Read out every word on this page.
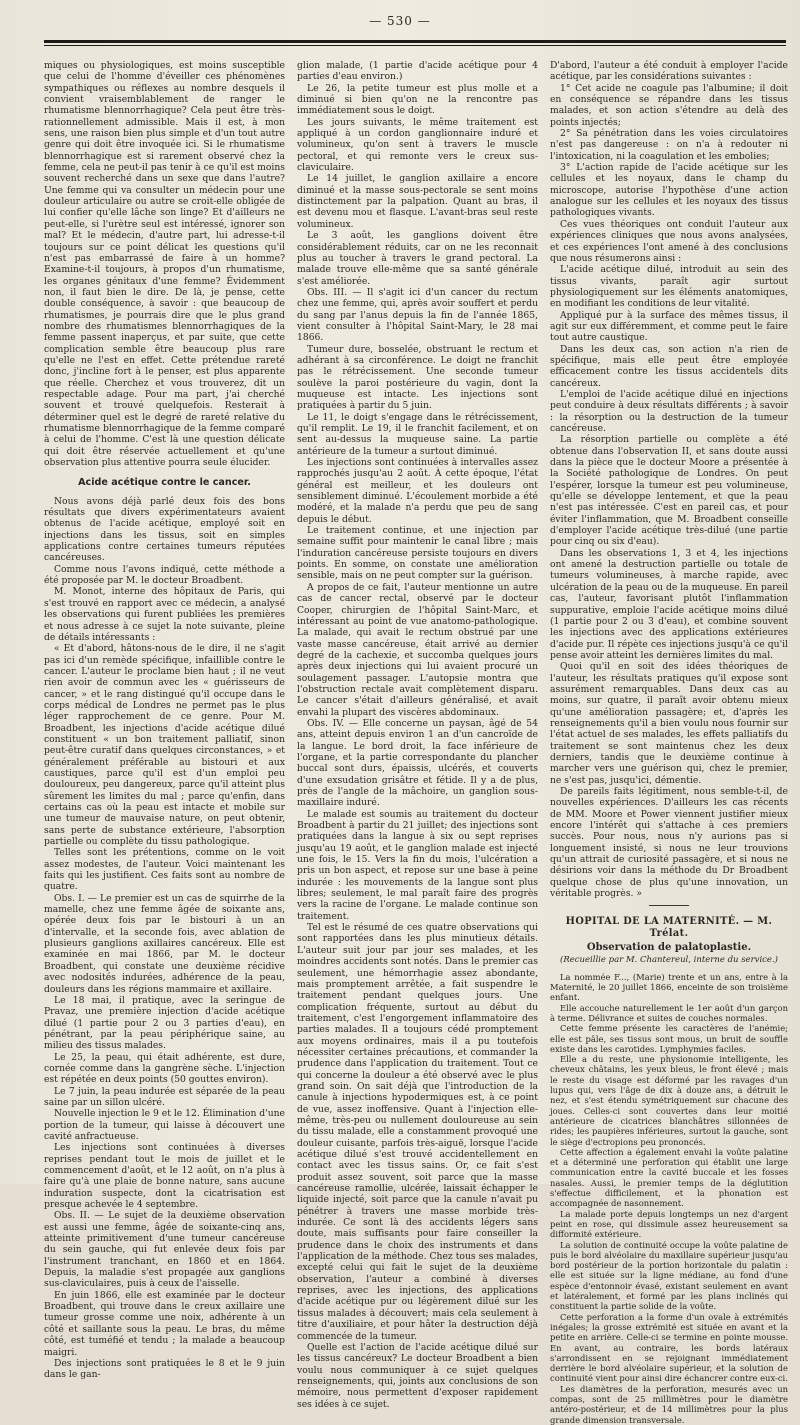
— 530 —

miques ou physiologiques, est moins susceptible que celui de l'homme d'éveiller ces phénomènes sympathiques ou réflexes au nombre desquels il convient vraisemblablement de ranger le rhumatisme blennorrhagique? Cela peut être très-rationnellement admissible. Mais il est, à mon sens, une raison bien plus simple et d'un tout autre genre qui doit être invoquée ici. Si le rhumatisme blennorrhagique est si rarement observé chez la femme, cela ne peut-il pas tenir à ce qu'il est moins souvent recherché dans un sexe que dans l'autre? Une femme qui va consulter un médecin pour une douleur articulaire ou autre se croit-elle obligée de lui confier qu'elle lâche son linge? Et d'ailleurs ne peut-elle, si l'urètre seul est intéressé, ignorer son mal? Et le médecin, d'autre part, lui adresse-t-il toujours sur ce point délicat les questions qu'il n'est pas embarrassé de faire à un homme? Examine-t-il toujours, à propos d'un rhumatisme, les organes génitaux d'une femme? Évidemment non, il faut bien le dire. De là, je pense, cette double conséquence, à savoir : que beaucoup de rhumatismes, je pourrais dire que le plus grand nombre des rhumatismes blennorrhagiques de la femme passent inaperçus, et par suite, que cette complication semble être beaucoup plus rare qu'elle ne l'est en effet. Cette prétendue rareté donc, j'incline fort à le penser, est plus apparente que réelle. Cherchez et vous trouverez, dit un respectable adage. Pour ma part, j'ai cherché souvent et trouvé quelquefois. Resterait à déterminer quel est le degré de rareté relative du rhumatisme blennorrhagique de la femme comparé à celui de l'homme. C'est là une question délicate qui doit être réservée actuellement et qu'une observation plus attentive pourra seule élucider.

Acide acétique contre le cancer.

Nous avons déjà parlé deux fois des bons résultats que divers expérimentateurs avaient obtenus de l'acide acétique, employé soit en injections dans les tissus, soit en simples applications contre certaines tumeurs réputées cancéreuses.

Comme nous l'avons indiqué, cette méthode a été proposée par M. le docteur Broadbent.

M. Monot, interne des hôpitaux de Paris, qui s'est trouvé en rapport avec ce médecin, a analysé les observations qui furent publiées les premières et nous adresse à ce sujet la note suivante, pleine de détails intéressants :

« Et d'abord, hâtons-nous de le dire, il ne s'agit pas ici d'un remède spécifique, infaillible contre le cancer. L'auteur le proclame bien haut ; il ne veut rien avoir de commun avec les « guérisseurs de cancer, » et le rang distingué qu'il occupe dans le corps médical de Londres ne permet pas le plus léger rapprochement de ce genre. Pour M. Broadbent, les injections d'acide acétique dilué constituent « un bon traitement palliatif, sinon peut-être curatif dans quelques circonstances, » et généralement préférable au bistouri et aux caustiques, parce qu'il est d'un emploi peu douloureux, peu dangereux, parce qu'il atteint plus sûrement les limites du mal ; parce qu'enfin, dans certains cas où la peau est intacte et mobile sur une tumeur de mauvaise nature, on peut obtenir, sans perte de substance extérieure, l'absorption partielle ou complète du tissu pathologique.

Telles sont les prétentions, comme on le voit assez modestes, de l'auteur. Voici maintenant les faits qui les justifient. Ces faits sont au nombre de quatre.

Obs. I. — Le premier est un cas de squirrhe de la mamelle, chez une femme âgée de soixante ans, opérée deux fois par le bistouri à un an d'intervalle, et la seconde fois, avec ablation de plusieurs ganglions axillaires cancéreux. Elle est examinée en mai 1866, par M. le docteur Broadbent, qui constate une deuxième récidive avec nodosités indurées, adhérence de la peau, douleurs dans les régions mammaire et axillaire.

Le 18 mai, il pratique, avec la seringue de Pravaz, une première injection d'acide acétique dilué (1 partie pour 2 ou 3 parties d'eau), en pénétrant, par la peau périphérique saine, au milieu des tissus malades.

Le 25, la peau, qui était adhérente, est dure, cornée comme dans la gangrène sèche. L'injection est répétée en deux points (50 gouttes environ).

Le 7 juin, la peau indurée est séparée de la peau saine par un sillon ulcéré.

Nouvelle injection le 9 et le 12. Élimination d'une portion de la tumeur, qui laisse à découvert une cavité anfractueuse.

Les injections sont continuées à diverses reprises pendant tout le mois de juillet et le commencement d'août, et le 12 août, on n'a plus à faire qu'à une plaie de bonne nature, sans aucune induration suspecte, dont la cicatrisation est presque achevée le 4 septembre.

Obs. II. — Le sujet de la deuxième observation est aussi une femme, âgée de soixante-cinq ans, atteinte primitivement d'une tumeur cancéreuse du sein gauche, qui fut enlevée deux fois par l'instrument tranchant, en 1860 et en 1864. Depuis, la maladie s'est propagée aux ganglions sus-claviculaires, puis à ceux de l'aisselle.

En juin 1866, elle est examinée par le docteur Broadbent, qui trouve dans le creux axillaire une tumeur grosse comme une noix, adhérente à un côté et saillante sous la peau. Le bras, du même côté, est tuméfié et tendu ; la malade a beaucoup maigri.

Des injections sont pratiquées le 8 et le 9 juin dans le gan-

glion malade, (1 partie d'acide acétique pour 4 parties d'eau environ.)

Le 26, la petite tumeur est plus molle et a diminué si bien qu'on ne la rencontre pas immédiatement sous le doigt.

Les jours suivants, le même traitement est appliqué à un cordon ganglionnaire induré et volumineux, qu'on sent à travers le muscle pectoral, et qui remonte vers le creux sus-claviculaire.

Le 14 juillet, le ganglion axillaire a encore diminué et la masse sous-pectorale se sent moins distinctement par la palpation. Quant au bras, il est devenu mou et flasque. L'avant-bras seul reste volumineux.

Le 3 août, les ganglions doivent être considérablement réduits, car on ne les reconnait plus au toucher à travers le grand pectoral. La malade trouve elle-même que sa santé générale s'est améliorée.

Obs. III. — Il s'agit ici d'un cancer du rectum chez une femme, qui, après avoir souffert et perdu du sang par l'anus depuis la fin de l'année 1865, vient consulter à l'hôpital Saint-Mary, le 28 mai 1866.

Tumeur dure, bosselée, obstruant le rectum et adhérant à sa circonférence. Le doigt ne franchit pas le rétrécissement. Une seconde tumeur soulève la paroi postérieure du vagin, dont la muqueuse est intacte. Les injections sont pratiquées à partir du 5 juin.

Le 11, le doigt s'engage dans le rétrécissement, qu'il remplit. Le 19, il le franchit facilement, et on sent au-dessus la muqueuse saine. La partie antérieure de la tumeur a surtout diminué.

Les injections sont continuées à intervalles assez rapprochés jusqu'au 2 août. À cette époque, l'état général est meilleur, et les douleurs ont sensiblement diminué. L'écoulement morbide a été modéré, et la malade n'a perdu que peu de sang depuis le début.

Le traitement continue, et une injection par semaine suffit pour maintenir le canal libre ; mais l'induration cancéreuse persiste toujours en divers points. En somme, on constate une amélioration sensible, mais on ne peut compter sur la guérison.

A propos de ce fait, l'auteur mentionne un autre cas de cancer rectal, observé par le docteur Cooper, chirurgien de l'hôpital Saint-Marc, et intéressant au point de vue anatomo-pathologique. La malade, qui avait le rectum obstrué par une vaste masse cancéreuse, était arrivé au dernier degré de la cachexie, et succomba quelques jours après deux injections qui lui avaient procuré un soulagement passager. L'autopsie montra que l'obstruction rectale avait complètement disparu. Le cancer s'était d'ailleurs généralisé, et avait envahi la plupart des viscères abdominaux.

Obs. IV. — Elle concerne un paysan, âgé de 54 ans, atteint depuis environ 1 an d'un cancroïde de la langue. Le bord droit, la face inférieure de l'organe, et la partie correspondante du plancher buccal sont durs, épaissis, ulcérés, et couverts d'une exsudation grisâtre et fétide. Il y a de plus, près de l'angle de la mâchoire, un ganglion sous-maxillaire induré.

Le malade est soumis au traitement du docteur Broadbent à partir du 21 juillet; des injections sont pratiquées dans la langue à six ou sept reprises jusqu'au 19 août, et le ganglion malade est injecté une fois, le 15. Vers la fin du mois, l'ulcération a pris un bon aspect, et repose sur une base à peine indurée : les mouvements de la langue sont plus libres; seulement, le mal paraît faire des progrès vers la racine de l'organe. Le malade continue son traitement.

Tel est le résumé de ces quatre observations qui sont rapportées dans les plus minutieux détails. L'auteur suit jour par jour ses malades, et les moindres accidents sont notés. Dans le premier cas seulement, une hémorrhagie assez abondante, mais promptement arrêtée, a fait suspendre le traitement pendant quelques jours. Une complication fréquente, surtout au début du traitement, c'est l'engorgement inflammatoire des parties malades. Il a toujours cédé promptement aux moyens ordinaires, mais il a pu toutefois nécessiter certaines précautions, et commander la prudence dans l'application du traitement. Tout ce qui concerne la douleur a été observé avec le plus grand soin. On sait déjà que l'introduction de la canule à injections hypodermiques est, à ce point de vue, assez inoffensive. Quant à l'injection elle-même, très-peu ou nullement douloureuse au sein du tissu malade, elle a constamment provoqué une douleur cuisante, parfois très-aiguë, lorsque l'acide acétique dilué s'est trouvé accidentellement en contact avec les tissus sains. Or, ce fait s'est produit assez souvent, soit parce que la masse cancéreuse ramollie, ulcérée, laissait échapper le liquide injecté, soit parce que la canule n'avait pu pénétrer à travers une masse morbide très-indurée. Ce sont là des accidents légers sans doute, mais suffisants pour faire conseiller la prudence dans le choix des instruments et dans l'application de la méthode. Chez tous ses malades, excepté celui qui fait le sujet de la deuxième observation, l'auteur a combiné à diverses reprises, avec les injections, des applications d'acide acétique pur ou légèrement dilué sur les tissus malades à découvert; mais cela seulement à titre d'auxiliaire, et pour hâter la destruction déjà commencée de la tumeur.

Quelle est l'action de l'acide acétique dilué sur les tissus cancéreux? Le docteur Broadbent a bien voulu nous communiquer à ce sujet quelques renseignements, qui, joints aux conclusions de son mémoire, nous permettent d'exposer rapidement ses idées à ce sujet.

D'abord, l'auteur a été conduit à employer l'acide acétique, par les considérations suivantes :

1° Cet acide ne coagule pas l'albumine; il doit en conséquence se répandre dans les tissus malades, et son action s'étendre au delà des points injectés;

2° Sa pénétration dans les voies circulatoires n'est pas dangereuse : on n'a à redouter ni l'intoxication, ni la coagulation et les embolies;

3° L'action rapide de l'acide acétique sur les cellules et les noyaux, dans le champ du microscope, autorise l'hypothèse d'une action analogue sur les cellules et les noyaux des tissus pathologiques vivants.

Ces vues théoriques ont conduit l'auteur aux expériences cliniques que nous avons analysées, et ces expériences l'ont amené à des conclusions que nous résumerons ainsi :

L'acide acétique dilué, introduit au sein des tissus vivants, paraît agir surtout physiologiquement sur les éléments anatomiques, en modifiant les conditions de leur vitalité.

Appliqué pur à la surface des mêmes tissus, il agit sur eux différemment, et comme peut le faire tout autre caustique.

Dans les deux cas, son action n'a rien de spécifique, mais elle peut être employée efficacement contre les tissus accidentels dits cancéreux.

L'emploi de l'acide acétique dilué en injections peut conduire à deux résultats différents ; à savoir : la résorption ou la destruction de la tumeur cancéreuse.

La résorption partielle ou complète a été obtenue dans l'observation II, et sans doute aussi dans la pièce que le docteur Moore a présentée à la Société pathologique de Londres. On peut l'espérer, lorsque la tumeur est peu volumineuse, qu'elle se développe lentement, et que la peau n'est pas intéressée. C'est en pareil cas, et pour éviter l'inflammation, que M. Broadbent conseille d'employer l'acide acétique très-dilué (une partie pour cinq ou six d'eau).

Dans les observations 1, 3 et 4, les injections ont amené la destruction partielle ou totale de tumeurs volumineuses, à marche rapide, avec ulcération de la peau ou de la muqueuse. En pareil cas, l'auteur, favorisant plutôt l'inflammation suppurative, emploie l'acide acétique moins dilué (1 partie pour 2 ou 3 d'eau), et combine souvent les injections avec des applications extérieures d'acide pur. Il répète ces injections jusqu'à ce qu'il pense avoir atteint les dernières limites du mal.

Quoi qu'il en soit des idées théoriques de l'auteur, les résultats pratiques qu'il expose sont assurément remarquables. Dans deux cas au moins, sur quatre, il paraît avoir obtenu mieux qu'une amélioration passagère; et, d'après les renseignements qu'il a bien voulu nous fournir sur l'état actuel de ses malades, les effets palliatifs du traitement se sont maintenus chez les deux derniers, tandis que le deuxième continue à marcher vers une guérison qui, chez le premier, ne s'est pas, jusqu'ici, démentie.

De pareils faits légitiment, nous semble-t-il, de nouvelles expériences. D'ailleurs les cas récents de MM. Moore et Power viennent justifier mieux encore l'intérêt qui s'attache à ces premiers succès. Pour nous, nous n'y aurions pas si longuement insisté, si nous ne leur trouvions qu'un attrait de curiosité passagère, et si nous ne désirions voir dans la méthode du Dr Broadbent quelque chose de plus qu'une innovation, un véritable progrès. »

HOPITAL DE LA MATERNITÉ. — M. Trélat.
Observation de palatoplastie.
(Recueillie par M. Chantereul, interne du service.)

La nommée F..., (Marie) trente et un ans, entre à la Maternité, le 20 juillet 1866, enceinte de son troisième enfant.

Elle accouche naturellement le 1er août d'un garçon à terme. Délivrance et suites de couches normales.

Cette femme présente les caractères de l'anémie; elle est pâle, ses tissus sont mous, un bruit de souffle existe dans les carotides. Lymphymies faciles.

Elle a du reste, une physionomie intelligente, les cheveux châtains, les yeux bleus, le front élevé ; mais le reste du visage est déformé par les ravages d'un lupus qui, vers l'âge de dix à douze ans, a détruit le nez, et s'est étendu symétriquement sur chacune des joues. Celles-ci sont couvertes dans leur moitié antérieure de cicatrices blanchâtres sillonnées de rides; les paupières inférieures, surtout la gauche, sont le siège d'ectropions peu prononcés.

Cette affection a également envahi la voûte palatine et a déterminé une perforation qui établit une large communication entre la cavité buccale et les fosses nasales. Aussi, le premier temps de la déglutition s'effectue difficilement, et la phonation est accompagnée de nasonnement.

La malade porte depuis longtemps un nez d'argent peint en rose, qui dissimule assez heureusement sa difformité extérieure.

La solution de continuité occupe la voûte palatine de puis le bord alvéolaire du maxillaire supérieur jusqu'au bord postérieur de la portion horizontale du palatin : elle est située sur la ligne médiane, au fond d'une espèce d'entonnoir évasé, existant seulement en avant et latéralement, et formé par les plans inclinés qui constituent la partie solide de la voûte.

Cette perforation a la forme d'un ovale à extrémités inégales; la grosse extrémité est située en avant et la petite en arrière. Celle-ci se termine en pointe mousse. En avant, au contraire, les bords latéraux s'arrondissent en se rejoignant immédiatement derrière le bord alvéolaire supérieur, et la solution de continuité vient pour ainsi dire échancrer contre eux-ci.

Les diamètres de la perforation, mesurés avec un compas, sont de 25 millimètres pour le diamètre antéro-postérieur, et de 14 millimètres pour la plus grande dimension transversale.
